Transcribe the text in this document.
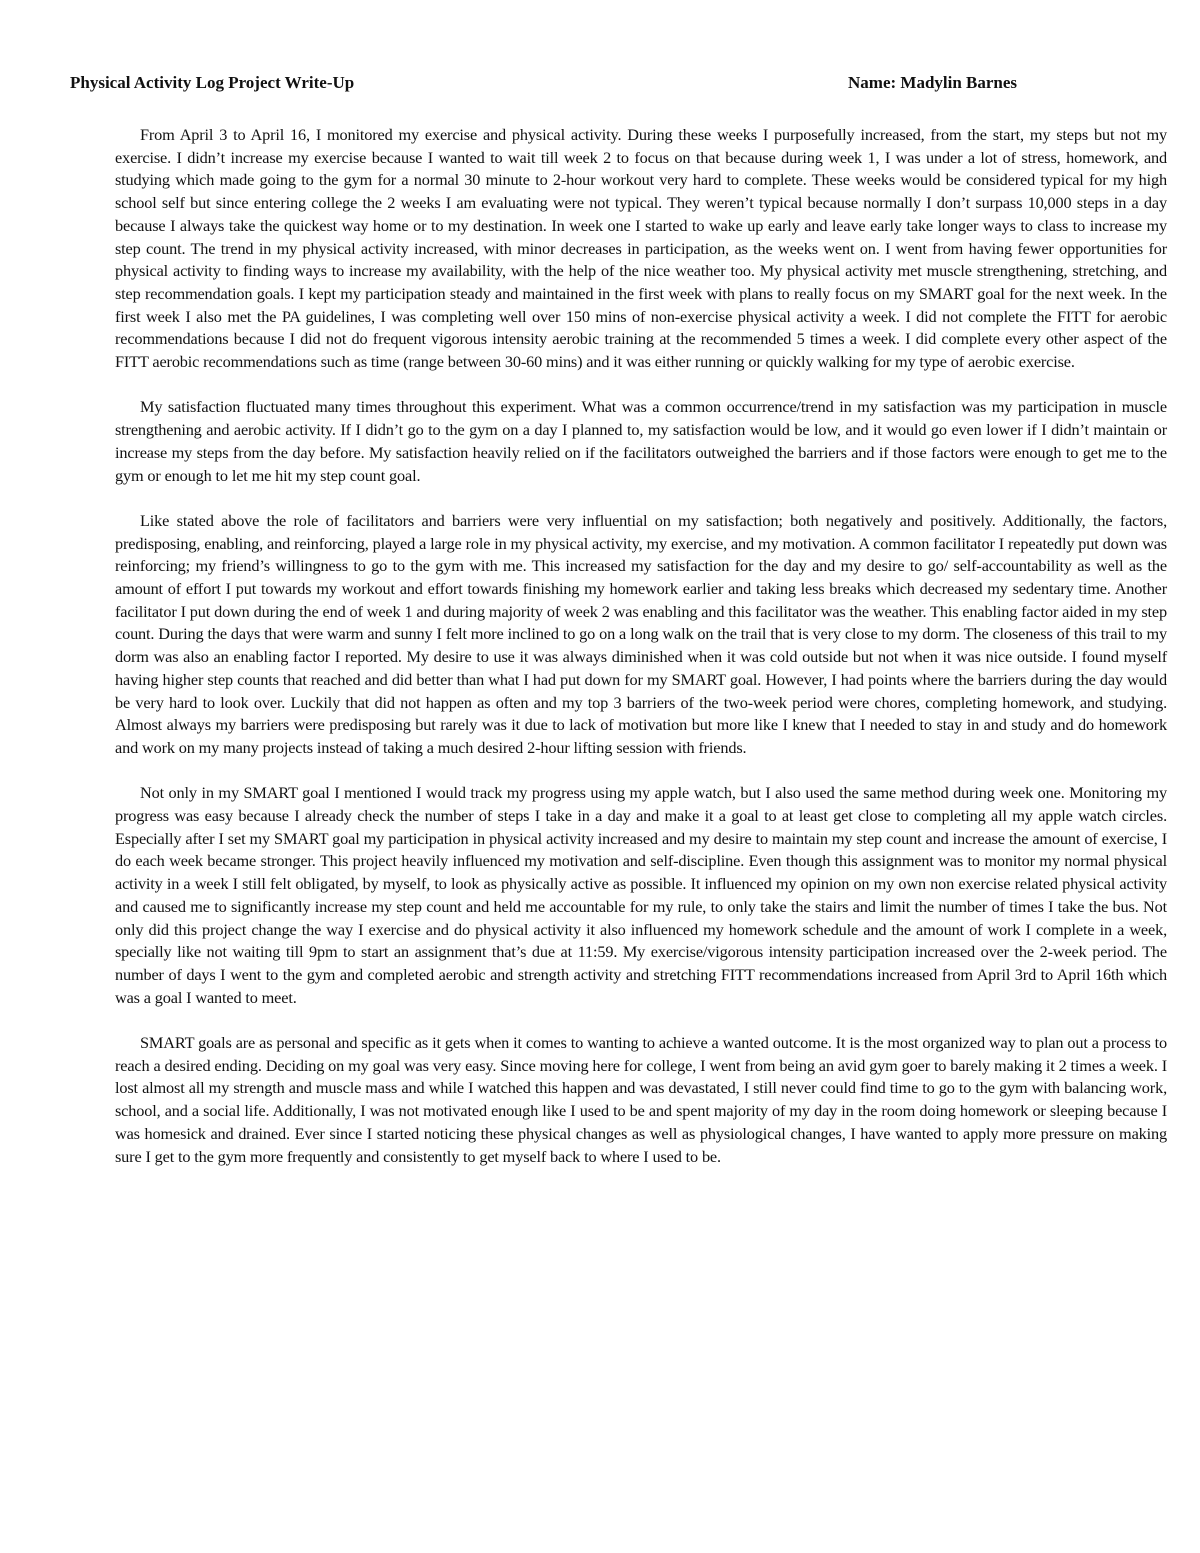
Physical Activity Log Project Write-Up	Name: Madylin Barnes

From April 3 to April 16, I monitored my exercise and physical activity. During these weeks I purposefully increased, from the start, my steps but not my exercise. I didn’t increase my exercise because I wanted to wait till week 2 to focus on that because during week 1, I was under a lot of stress, homework, and studying which made going to the gym for a normal 30 minute to 2-hour workout very hard to complete. These weeks would be considered typical for my high school self but since entering college the 2 weeks I am evaluating were not typical. They weren’t typical because normally I don’t surpass 10,000 steps in a day because I always take the quickest way home or to my destination. In week one I started to wake up early and leave early take longer ways to class to increase my step count. The trend in my physical activity increased, with minor decreases in participation, as the weeks went on. I went from having fewer opportunities for physical activity to finding ways to increase my availability, with the help of the nice weather too. My physical activity met muscle strengthening, stretching, and step recommendation goals. I kept my participation steady and maintained in the first week with plans to really focus on my SMART goal for the next week. In the first week I also met the PA guidelines, I was completing well over 150 mins of non-exercise physical activity a week. I did not complete the FITT for aerobic recommendations because I did not do frequent vigorous intensity aerobic training at the recommended 5 times a week. I did complete every other aspect of the FITT aerobic recommendations such as time (range between 30-60 mins) and it was either running or quickly walking for my type of aerobic exercise.

My satisfaction fluctuated many times throughout this experiment. What was a common occurrence/trend in my satisfaction was my participation in muscle strengthening and aerobic activity. If I didn’t go to the gym on a day I planned to, my satisfaction would be low, and it would go even lower if I didn’t maintain or increase my steps from the day before. My satisfaction heavily relied on if the facilitators outweighed the barriers and if those factors were enough to get me to the gym or enough to let me hit my step count goal.

Like stated above the role of facilitators and barriers were very influential on my satisfaction; both negatively and positively. Additionally, the factors, predisposing, enabling, and reinforcing, played a large role in my physical activity, my exercise, and my motivation. A common facilitator I repeatedly put down was reinforcing; my friend’s willingness to go to the gym with me. This increased my satisfaction for the day and my desire to go/ self-accountability as well as the amount of effort I put towards my workout and effort towards finishing my homework earlier and taking less breaks which decreased my sedentary time. Another facilitator I put down during the end of week 1 and during majority of week 2 was enabling and this facilitator was the weather. This enabling factor aided in my step count. During the days that were warm and sunny I felt more inclined to go on a long walk on the trail that is very close to my dorm. The closeness of this trail to my dorm was also an enabling factor I reported. My desire to use it was always diminished when it was cold outside but not when it was nice outside. I found myself having higher step counts that reached and did better than what I had put down for my SMART goal. However, I had points where the barriers during the day would be very hard to look over. Luckily that did not happen as often and my top 3 barriers of the two-week period were chores, completing homework, and studying. Almost always my barriers were predisposing but rarely was it due to lack of motivation but more like I knew that I needed to stay in and study and do homework and work on my many projects instead of taking a much desired 2-hour lifting session with friends.

Not only in my SMART goal I mentioned I would track my progress using my apple watch, but I also used the same method during week one. Monitoring my progress was easy because I already check the number of steps I take in a day and make it a goal to at least get close to completing all my apple watch circles. Especially after I set my SMART goal my participation in physical activity increased and my desire to maintain my step count and increase the amount of exercise, I do each week became stronger. This project heavily influenced my motivation and self-discipline. Even though this assignment was to monitor my normal physical activity in a week I still felt obligated, by myself, to look as physically active as possible. It influenced my opinion on my own non exercise related physical activity and caused me to significantly increase my step count and held me accountable for my rule, to only take the stairs and limit the number of times I take the bus. Not only did this project change the way I exercise and do physical activity it also influenced my homework schedule and the amount of work I complete in a week, specially like not waiting till 9pm to start an assignment that’s due at 11:59. My exercise/vigorous intensity participation increased over the 2-week period. The number of days I went to the gym and completed aerobic and strength activity and stretching FITT recommendations increased from April 3rd to April 16th which was a goal I wanted to meet.

SMART goals are as personal and specific as it gets when it comes to wanting to achieve a wanted outcome. It is the most organized way to plan out a process to reach a desired ending. Deciding on my goal was very easy. Since moving here for college, I went from being an avid gym goer to barely making it 2 times a week. I lost almost all my strength and muscle mass and while I watched this happen and was devastated, I still never could find time to go to the gym with balancing work, school, and a social life. Additionally, I was not motivated enough like I used to be and spent majority of my day in the room doing homework or sleeping because I was homesick and drained. Ever since I started noticing these physical changes as well as physiological changes, I have wanted to apply more pressure on making sure I get to the gym more frequently and consistently to get myself back to where I used to be.
